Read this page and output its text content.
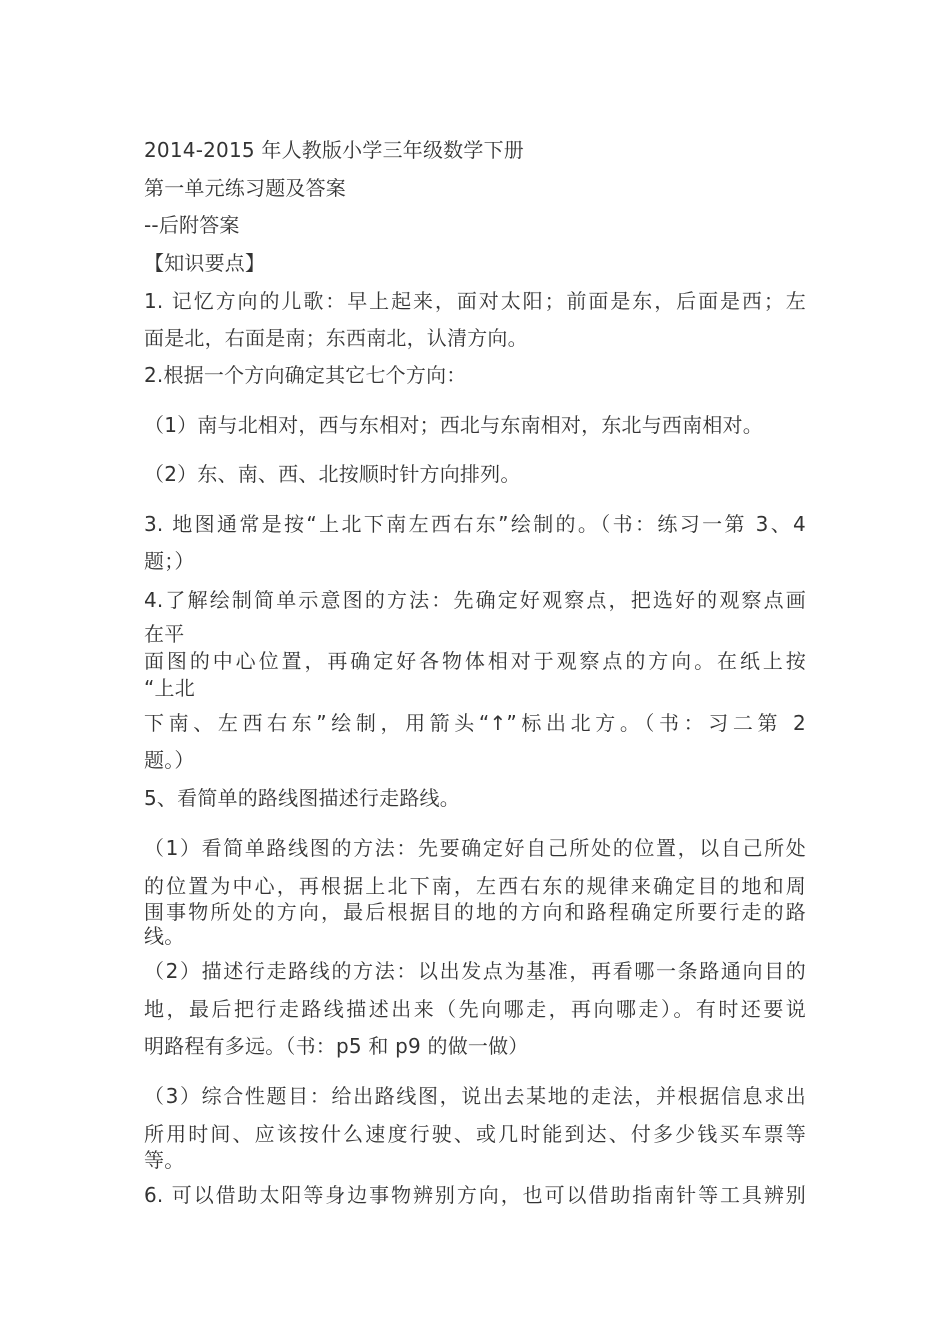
2014-2015 年人教版小学三年级数学下册

第一单元练习题及答案

--后附答案

【知识要点】

1. 记忆方向的儿歌：早上起来，面对太阳；前面是东，后面是西；左

面是北，右面是南；东西南北，认清方向。

2.根据一个方向确定其它七个方向：

（1）南与北相对，西与东相对；西北与东南相对，东北与西南相对。

（2）东、南、西、北按顺时针方向排列。

3. 地图通常是按“上北下南左西右东”绘制的。（书：练习一第 3、4

题；）

4.了解绘制简单示意图的方法：先确定好观察点，把选好的观察点画

在平

面图的中心位置，再确定好各物体相对于观察点的方向。在纸上按

“上北

下南、左西右东”绘制，用箭头“↑”标出北方。（书：习二第 2

题。）

5、看简单的路线图描述行走路线。

（1）看简单路线图的方法：先要确定好自己所处的位置，以自己所处

的位置为中心，再根据上北下南，左西右东的规律来确定目的地和周

围事物所处的方向，最后根据目的地的方向和路程确定所要行走的路

线。

（2）描述行走路线的方法：以出发点为基准，再看哪一条路通向目的

地，最后把行走路线描述出来（先向哪走，再向哪走）。有时还要说

明路程有多远。（书：p5 和 p9 的做一做）

（3）综合性题目：给出路线图，说出去某地的走法，并根据信息求出

所用时间、应该按什么速度行驶、或几时能到达、付多少钱买车票等

等。

6. 可以借助太阳等身边事物辨别方向，也可以借助指南针等工具辨别
